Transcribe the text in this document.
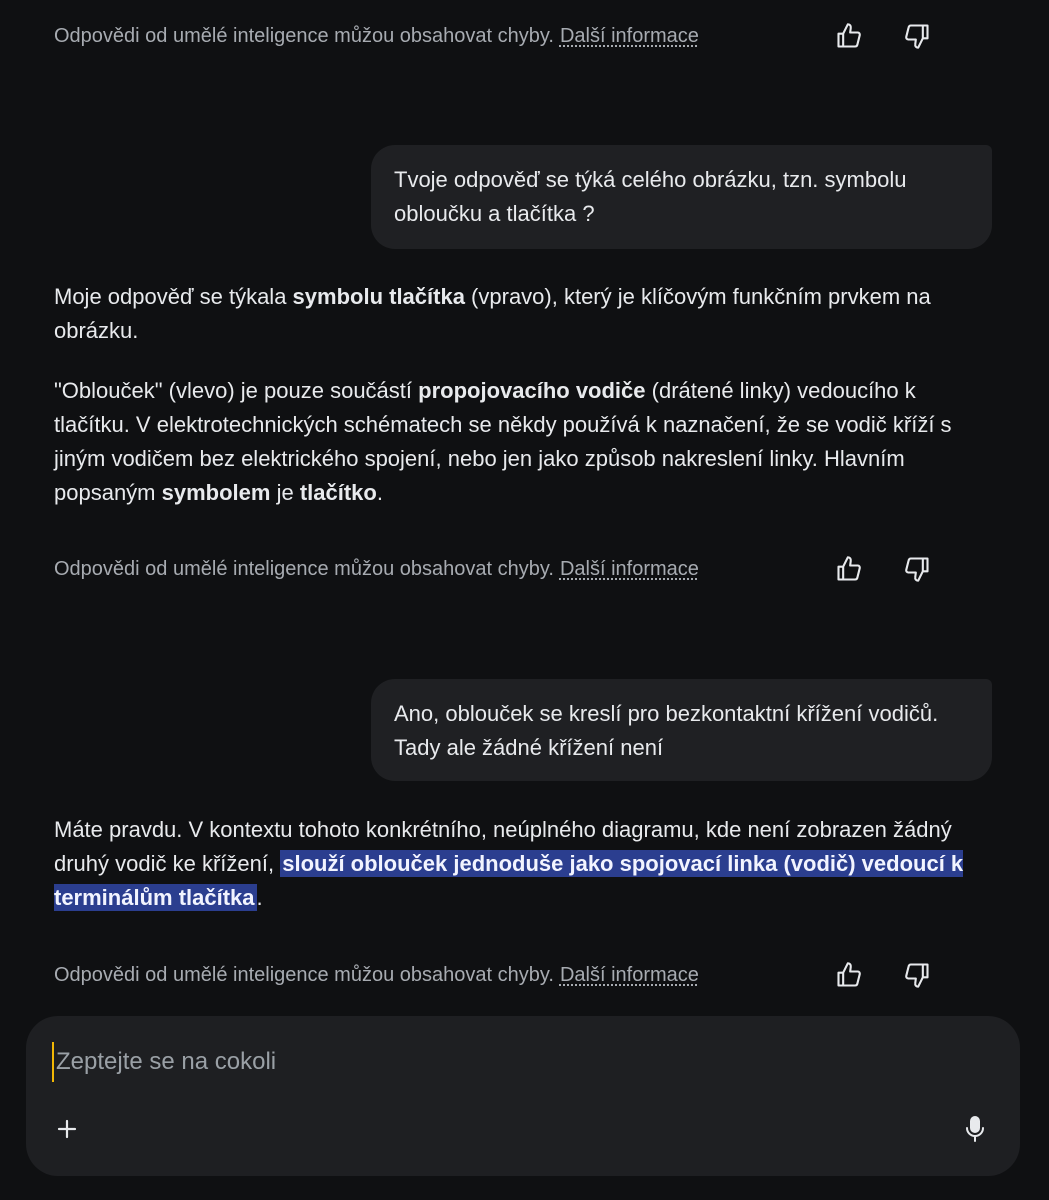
Odpovědi od umělé inteligence můžou obsahovat chyby. Další informace
Tvoje odpověď se týká celého obrázku, tzn. symbolu obloučku a tlačítka ?

Moje odpověď se týkala symbolu tlačítka (vpravo), který je klíčovým funkčním prvkem na obrázku.

"Oblouček" (vlevo) je pouze součástí propojovacího vodiče (drátené linky) vedoucího k tlačítku. V elektrotechnických schématech se někdy používá k naznačení, že se vodič kříží s jiným vodičem bez elektrického spojení, nebo jen jako způsob nakreslení linky. Hlavním popsaným symbolem je tlačítko.

Odpovědi od umělé inteligence můžou obsahovat chyby. Další informace
Ano, oblouček se kreslí pro bezkontaktní křížení vodičů. Tady ale žádné křížení není

Máte pravdu. V kontextu tohoto konkrétního, neúplného diagramu, kde není zobrazen žádný druhý vodič ke křížení, slouží oblouček jednoduše jako spojovací linka (vodič) vedoucí k terminálům tlačítka.

Odpovědi od umělé inteligence můžou obsahovat chyby. Další informace
Zeptejte se na cokoli
